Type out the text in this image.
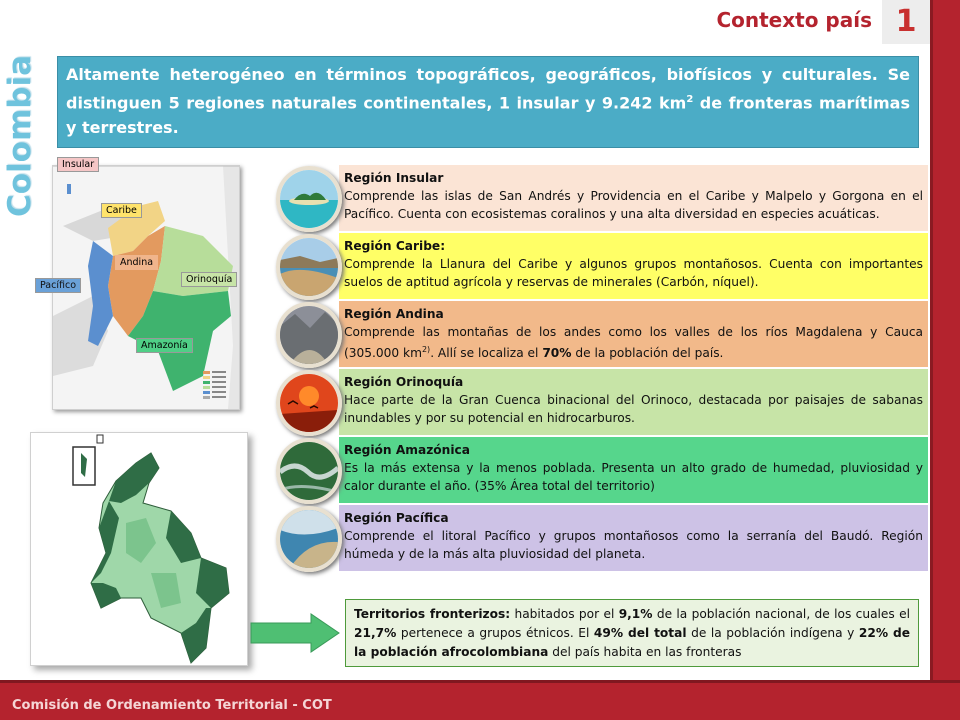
1
Contexto país
Colombia	Altamente heterogéneo en términos topográficos, geográficos, biofísicos y culturales. Se distinguen 5 regiones naturales continentales, 1 insular y 9.242 $km^2$ de fronteras marítimas y terrestres.
Insular
Caribe
Andina
Orinoquía
Pacífico
Amazonía
Región Insular
Comprende las islas de San Andrés y Providencia en el Caribe y Malpelo y Gorgona en el Pacífico. Cuenta con ecosistemas coralinos y una alta diversidad en especies acuáticas.
Región Caribe:
Comprende la Llanura del Caribe y algunos grupos montañosos. Cuenta con importantes suelos de aptitud agrícola y reservas de minerales (Carbón, níquel).
Región Andina
Comprende las montañas de los andes como los valles de los ríos Magdalena y Cauca (305.000 $km^{2)}$. Allí se localiza el 70% de la población del país.
Región Orinoquía
Hace parte de la Gran Cuenca binacional del Orinoco, destacada por paisajes de sabanas inundables y por su potencial en hidrocarburos.
Región Amazónica
Es la más extensa y la menos poblada. Presenta un alto grado de humedad, pluviosidad y calor durante el año. (35% Área total del territorio)
Región Pacífica
Comprende el litoral Pacífico y grupos montañosos como la serranía del Baudó. Región húmeda y de la más alta pluviosidad del planeta.
Territorios fronterizos: habitados por el 9,1% de la población nacional, de los cuales el 21,7% pertenece a grupos étnicos. El 49% del total de la población indígena y 22% de la población afrocolombiana del país habita en las fronteras
Comisión de Ordenamiento Territorial - COT
